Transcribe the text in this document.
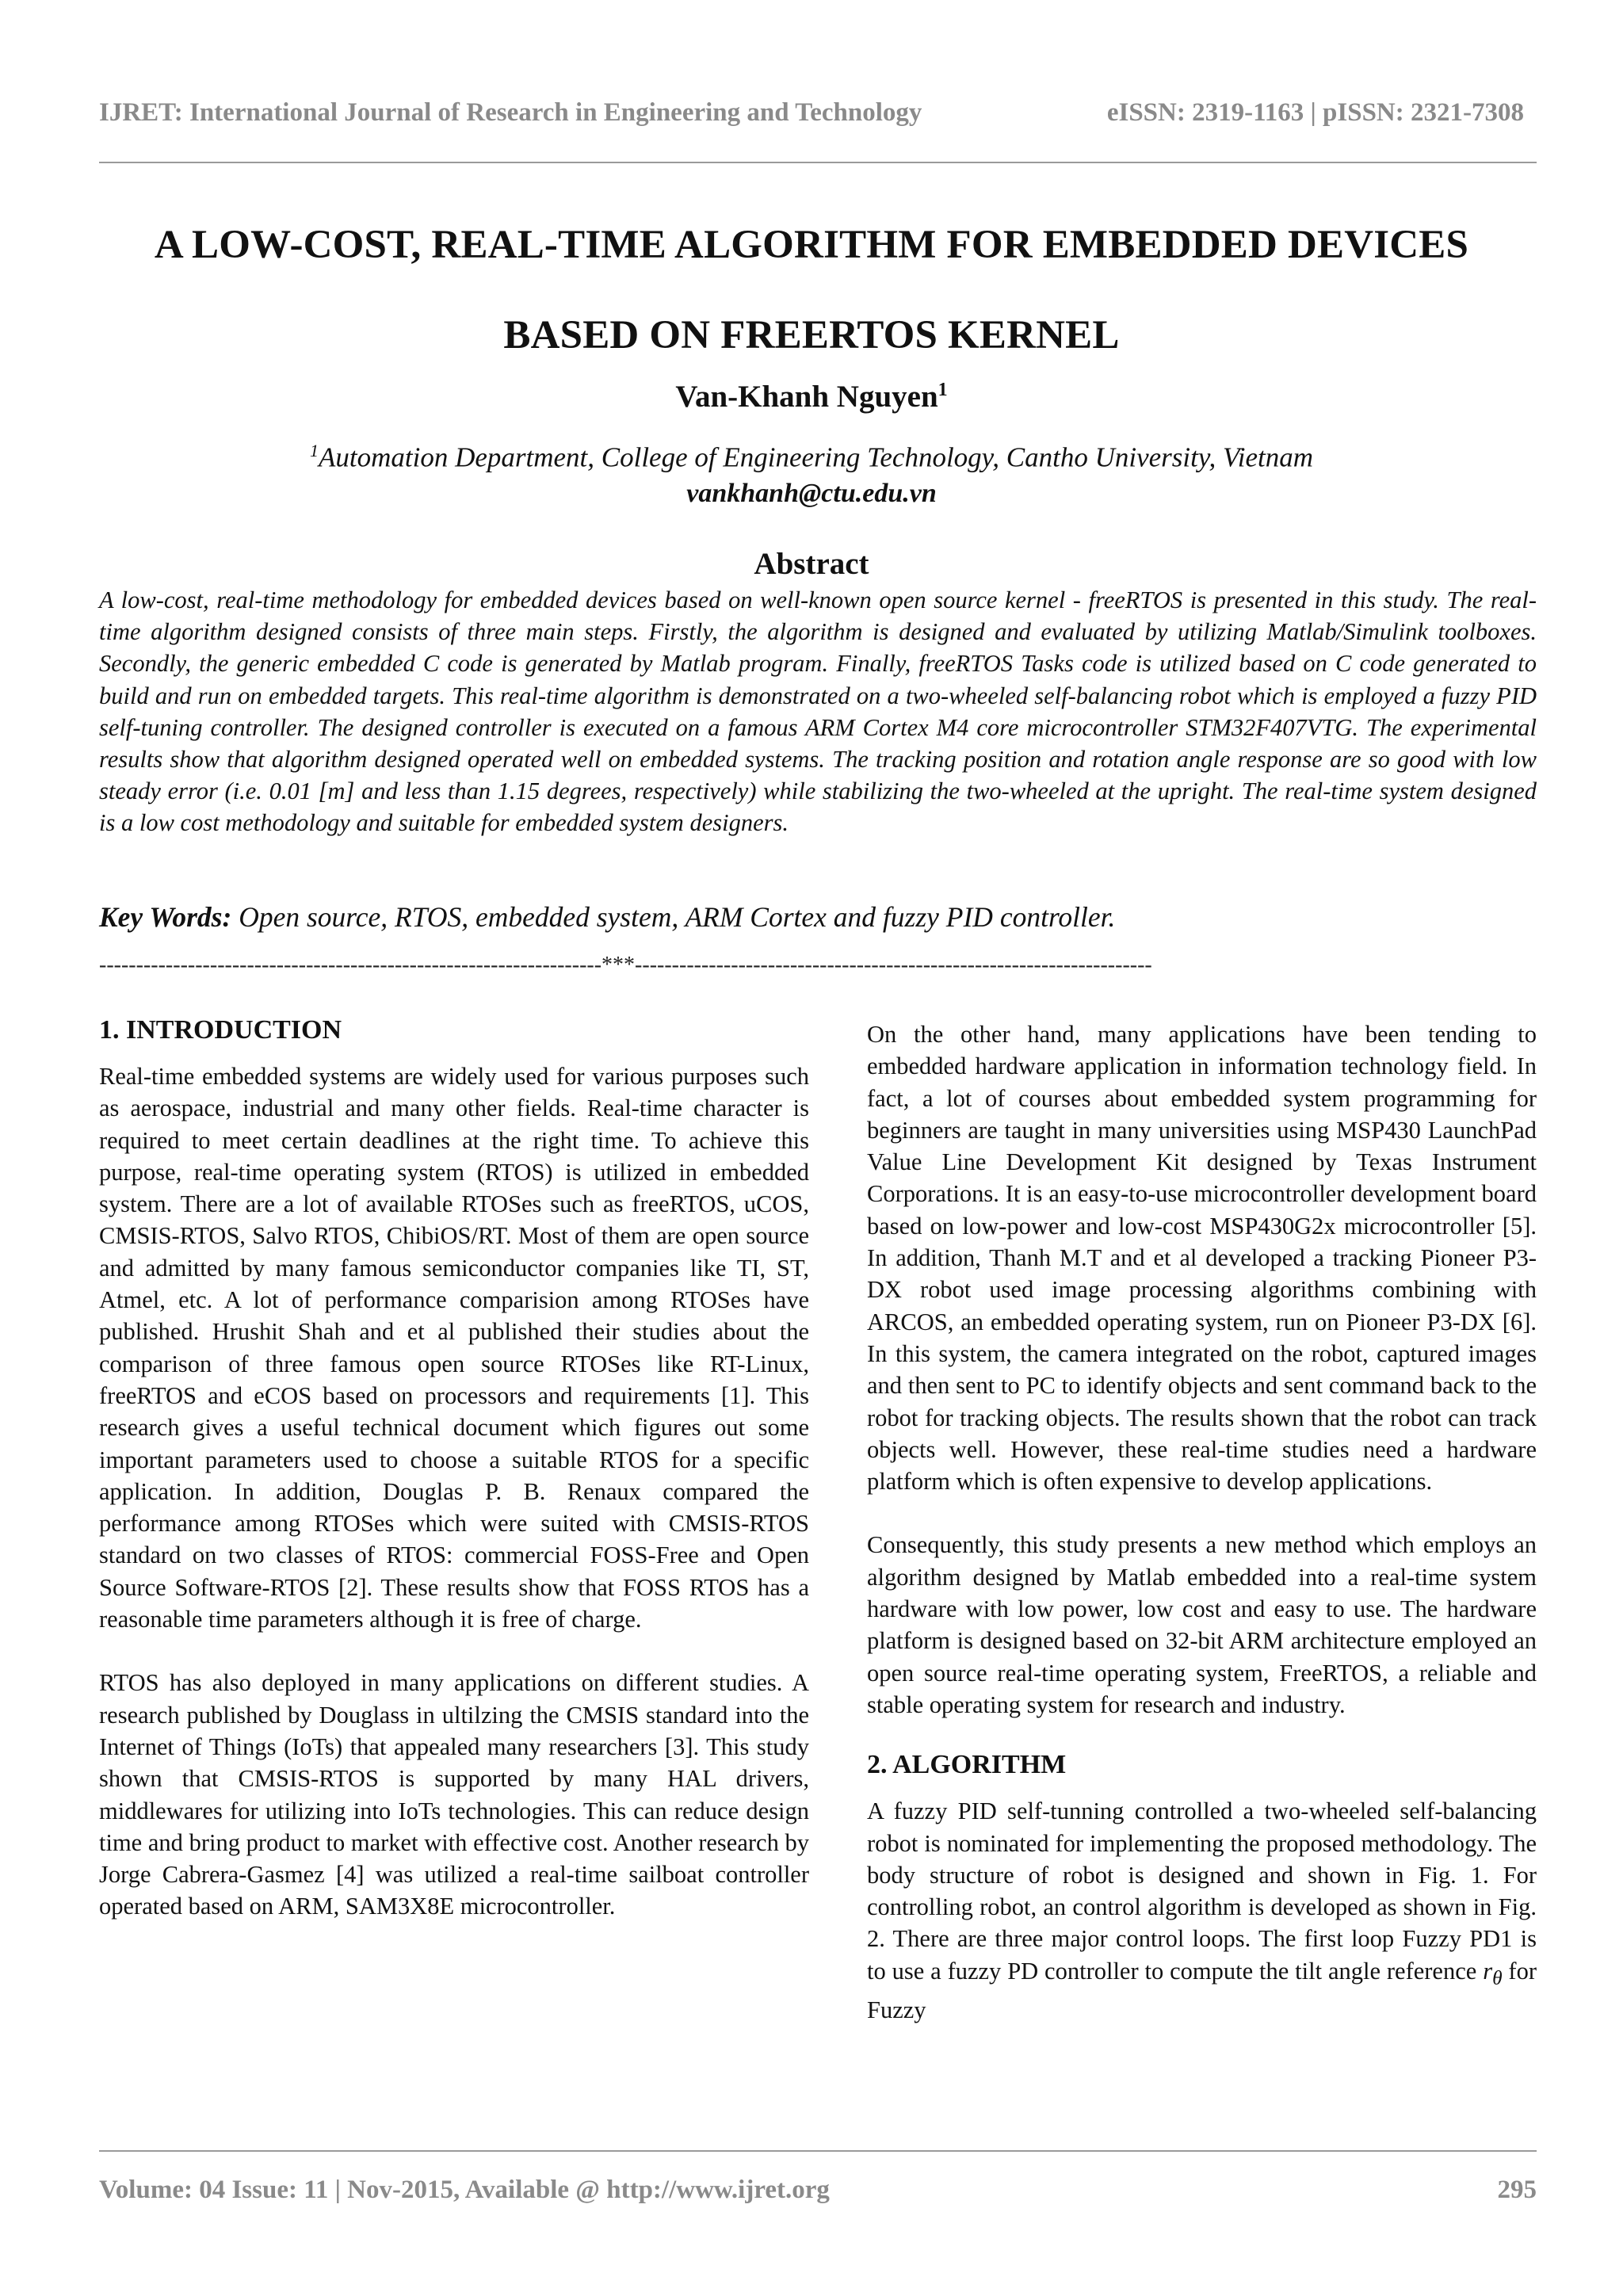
IJRET: International Journal of Research in Engineering and Technology	eISSN: 2319-1163 | pISSN: 2321-7308
A LOW-COST, REAL-TIME ALGORITHM FOR EMBEDDED DEVICES
BASED ON FREERTOS KERNEL
Van-Khanh Nguyen$^1$
$^1$Automation Department, College of Engineering Technology, Cantho University, Vietnam
vankhanh@ctu.edu.vn
Abstract
A low-cost, real-time methodology for embedded devices based on well-known open source kernel - freeRTOS is presented in this study. The real-time algorithm designed consists of three main steps. Firstly, the algorithm is designed and evaluated by utilizing Matlab/Simulink toolboxes. Secondly, the generic embedded C code is generated by Matlab program. Finally, freeRTOS Tasks code is utilized based on C code generated to build and run on embedded targets. This real-time algorithm is demonstrated on a two-wheeled self-balancing robot which is employed a fuzzy PID self-tuning controller. The designed controller is executed on a famous ARM Cortex M4 core microcontroller STM32F407VTG. The experimental results show that algorithm designed operated well on embedded systems. The tracking position and rotation angle response are so good with low steady error (i.e. 0.01 [m] and less than 1.15 degrees, respectively) while stabilizing the two-wheeled at the upright. The real-time system designed is a low cost methodology and suitable for embedded system designers.
Key Words: Open source, RTOS, embedded system, ARM Cortex and fuzzy PID controller.
--------------------------------------------------------------------***----------------------------------------------------------------------
1. INTRODUCTION

Real-time embedded systems are widely used for various purposes such as aerospace, industrial and many other fields. Real-time character is required to meet certain deadlines at the right time. To achieve this purpose, real-time operating system (RTOS) is utilized in embedded system. There are a lot of available RTOSes such as freeRTOS, uCOS, CMSIS-RTOS, Salvo RTOS, ChibiOS/RT. Most of them are open source and admitted by many famous semiconductor companies like TI, ST, Atmel, etc. A lot of performance comparision among RTOSes have published. Hrushit Shah and et al published their studies about the comparison of three famous open source RTOSes like RT-Linux, freeRTOS and eCOS based on processors and requirements [1]. This research gives a useful technical document which figures out some important parameters used to choose a suitable RTOS for a specific application. In addition, Douglas P. B. Renaux compared the performance among RTOSes which were suited with CMSIS-RTOS standard on two classes of RTOS: commercial FOSS-Free and Open Source Software-RTOS [2]. These results show that FOSS RTOS has a reasonable time parameters although it is free of charge.

RTOS has also deployed in many applications on different studies. A research published by Douglass in ultilzing the CMSIS standard into the Internet of Things (IoTs) that appealed many researchers [3]. This study shown that CMSIS-RTOS is supported by many HAL drivers, middlewares for utilizing into IoTs technologies. This can reduce design time and bring product to market with effective cost. Another research by Jorge Cabrera-Gasmez [4] was utilized a real-time sailboat controller operated based on ARM, SAM3X8E microcontroller.

On the other hand, many applications have been tending to embedded hardware application in information technology field. In fact, a lot of courses about embedded system programming for beginners are taught in many universities using MSP430 LaunchPad Value Line Development Kit designed by Texas Instrument Corporations. It is an easy-to-use microcontroller development board based on low-power and low-cost MSP430G2x microcontroller [5]. In addition, Thanh M.T and et al developed a tracking Pioneer P3-DX robot used image processing algorithms combining with ARCOS, an embedded operating system, run on Pioneer P3-DX [6]. In this system, the camera integrated on the robot, captured images and then sent to PC to identify objects and sent command back to the robot for tracking objects. The results shown that the robot can track objects well. However, these real-time studies need a hardware platform which is often expensive to develop applications.

Consequently, this study presents a new method which employs an algorithm designed by Matlab embedded into a real-time system hardware with low power, low cost and easy to use. The hardware platform is designed based on 32-bit ARM architecture employed an open source real-time operating system, FreeRTOS, a reliable and stable operating system for research and industry.

2. ALGORITHM

A fuzzy PID self-tunning controlled a two-wheeled self-balancing robot is nominated for implementing the proposed methodology. The body structure of robot is designed and shown in Fig. 1. For controlling robot, an control algorithm is developed as shown in Fig. 2. There are three major control loops. The first loop Fuzzy PD1 is to use a fuzzy PD controller to compute the tilt angle reference $r_\theta$ for Fuzzy

Volume: 04 Issue: 11 | Nov-2015, Available @ http://www.ijret.org	295
